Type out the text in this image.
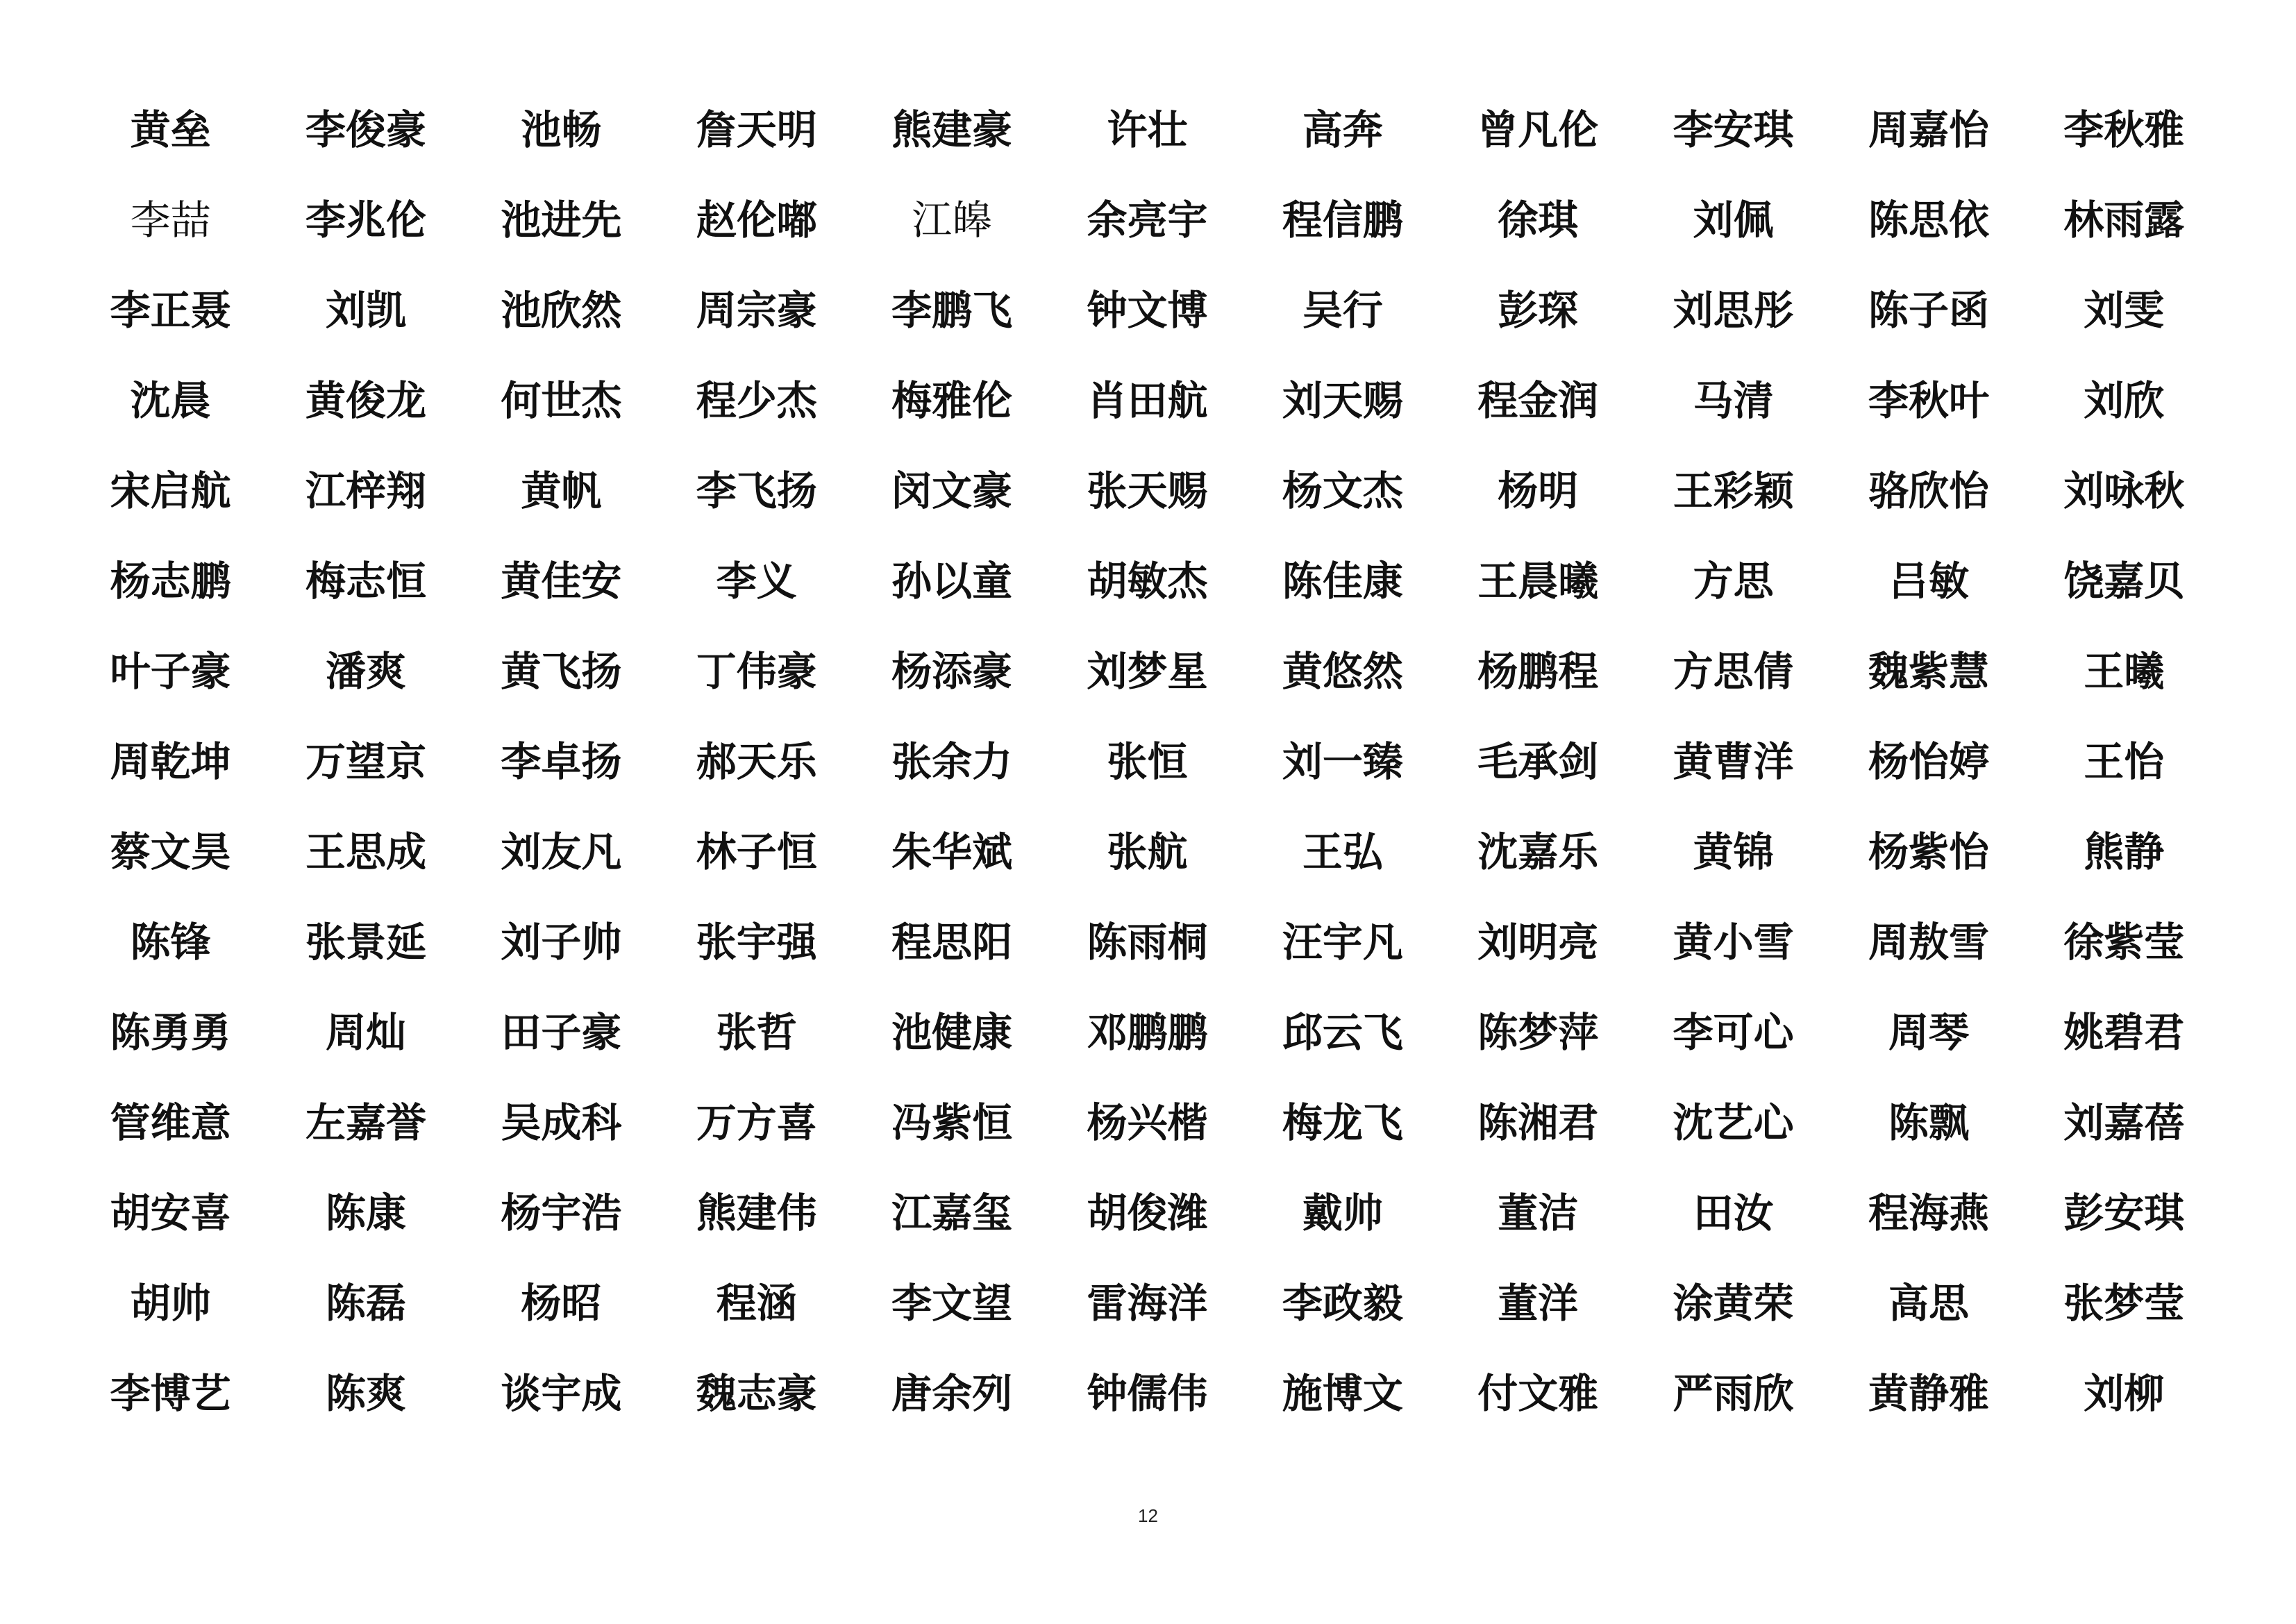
黄垒	李俊豪	池畅	詹天明	熊建豪	许壮	高奔	曾凡伦	李安琪	周嘉怡	李秋雅
李喆	李兆伦	池进先	赵伦嘟	江皞	余亮宇	程信鹏	徐琪	刘佩	陈思依	林雨露
李正聂	刘凯	池欣然	周宗豪	李鹏飞	钟文博	吴行	彭琛	刘思彤	陈子函	刘雯
沈晨	黄俊龙	何世杰	程少杰	梅雅伦	肖田航	刘天赐	程金润	马清	李秋叶	刘欣
宋启航	江梓翔	黄帆	李飞扬	闵文豪	张天赐	杨文杰	杨明	王彩颖	骆欣怡	刘咏秋
杨志鹏	梅志恒	黄佳安	李义	孙以童	胡敏杰	陈佳康	王晨曦	方思	吕敏	饶嘉贝
叶子豪	潘爽	黄飞扬	丁伟豪	杨添豪	刘梦星	黄悠然	杨鹏程	方思倩	魏紫慧	王曦
周乾坤	万望京	李卓扬	郝天乐	张余力	张恒	刘一臻	毛承剑	黄曹洋	杨怡婷	王怡
蔡文昊	王思成	刘友凡	林子恒	朱华斌	张航	王弘	沈嘉乐	黄锦	杨紫怡	熊静
陈锋	张景延	刘子帅	张宇强	程思阳	陈雨桐	汪宇凡	刘明亮	黄小雪	周敖雪	徐紫莹
陈勇勇	周灿	田子豪	张哲	池健康	邓鹏鹏	邱云飞	陈梦萍	李可心	周琴	姚碧君
管维意	左嘉誉	吴成科	万方喜	冯紫恒	杨兴楷	梅龙飞	陈湘君	沈艺心	陈飘	刘嘉蓓
胡安喜	陈康	杨宇浩	熊建伟	江嘉玺	胡俊潍	戴帅	董洁	田汝	程海燕	彭安琪
胡帅	陈磊	杨昭	程涵	李文望	雷海洋	李政毅	董洋	涂黄荣	高思	张梦莹
李博艺	陈爽	谈宇成	魏志豪	唐余列	钟儒伟	施博文	付文雅	严雨欣	黄静雅	刘柳
12
